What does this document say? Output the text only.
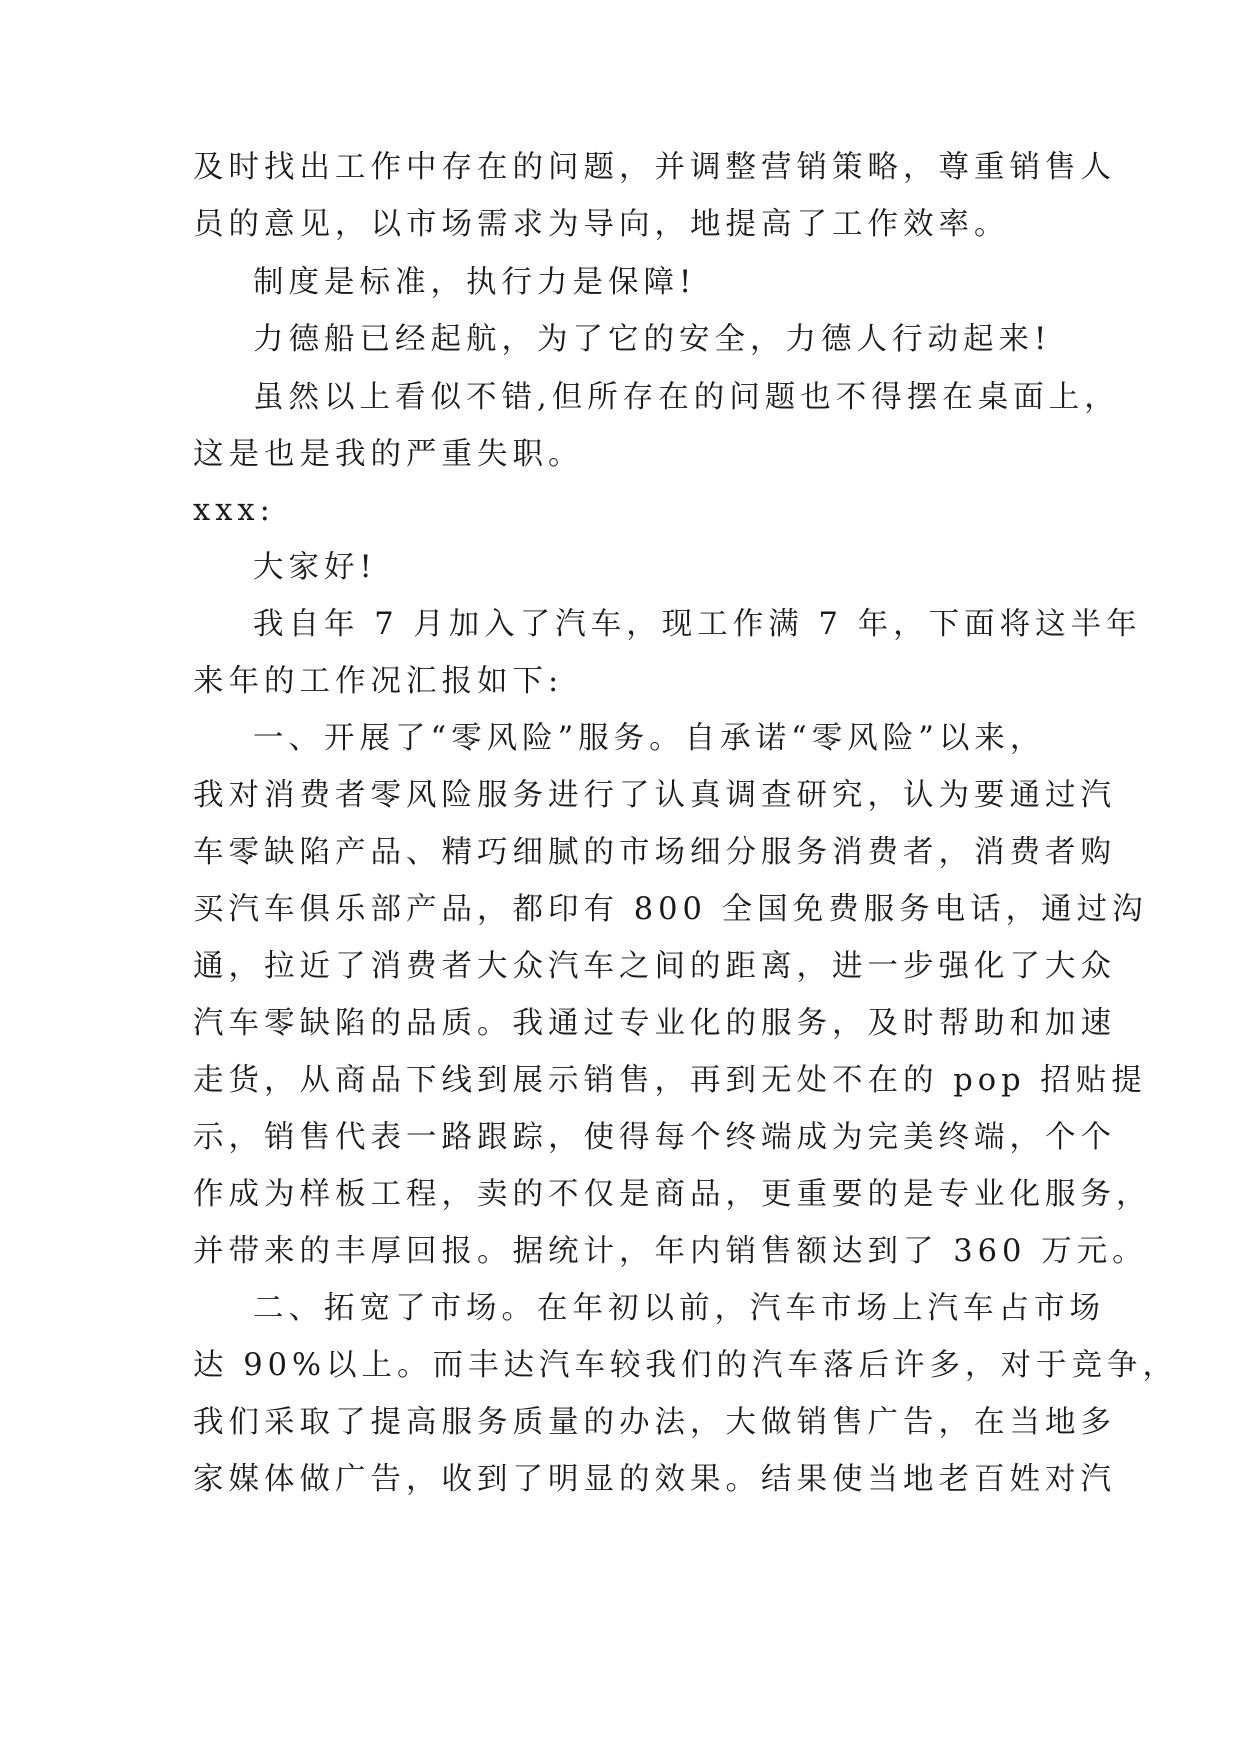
及时找出工作中存在的问题，并调整营销策略，尊重销售人
员的意见，以市场需求为导向，地提高了工作效率。
制度是标准，执行力是保障!
力德船已经起航，为了它的安全，力德人行动起来!
虽然以上看似不错,但所存在的问题也不得摆在桌面上，
这是也是我的严重失职。
xxx:
大家好!
我自年 7 月加入了汽车，现工作满 7 年，下面将这半年
来年的工作况汇报如下:
一、开展了“零风险”服务。自承诺“零风险”以来，
我对消费者零风险服务进行了认真调查研究，认为要通过汽
车零缺陷产品、精巧细腻的市场细分服务消费者，消费者购
买汽车俱乐部产品，都印有 800 全国免费服务电话，通过沟
通，拉近了消费者大众汽车之间的距离，进一步强化了大众
汽车零缺陷的品质。我通过专业化的服务，及时帮助和加速
走货，从商品下线到展示销售，再到无处不在的 pop 招贴提
示，销售代表一路跟踪，使得每个终端成为完美终端，个个
作成为样板工程，卖的不仅是商品，更重要的是专业化服务，
并带来的丰厚回报。据统计，年内销售额达到了 360 万元。
二、拓宽了市场。在年初以前，汽车市场上汽车占市场
达 90%以上。而丰达汽车较我们的汽车落后许多，对于竞争，
我们采取了提高服务质量的办法，大做销售广告，在当地多
家媒体做广告，收到了明显的效果。结果使当地老百姓对汽
